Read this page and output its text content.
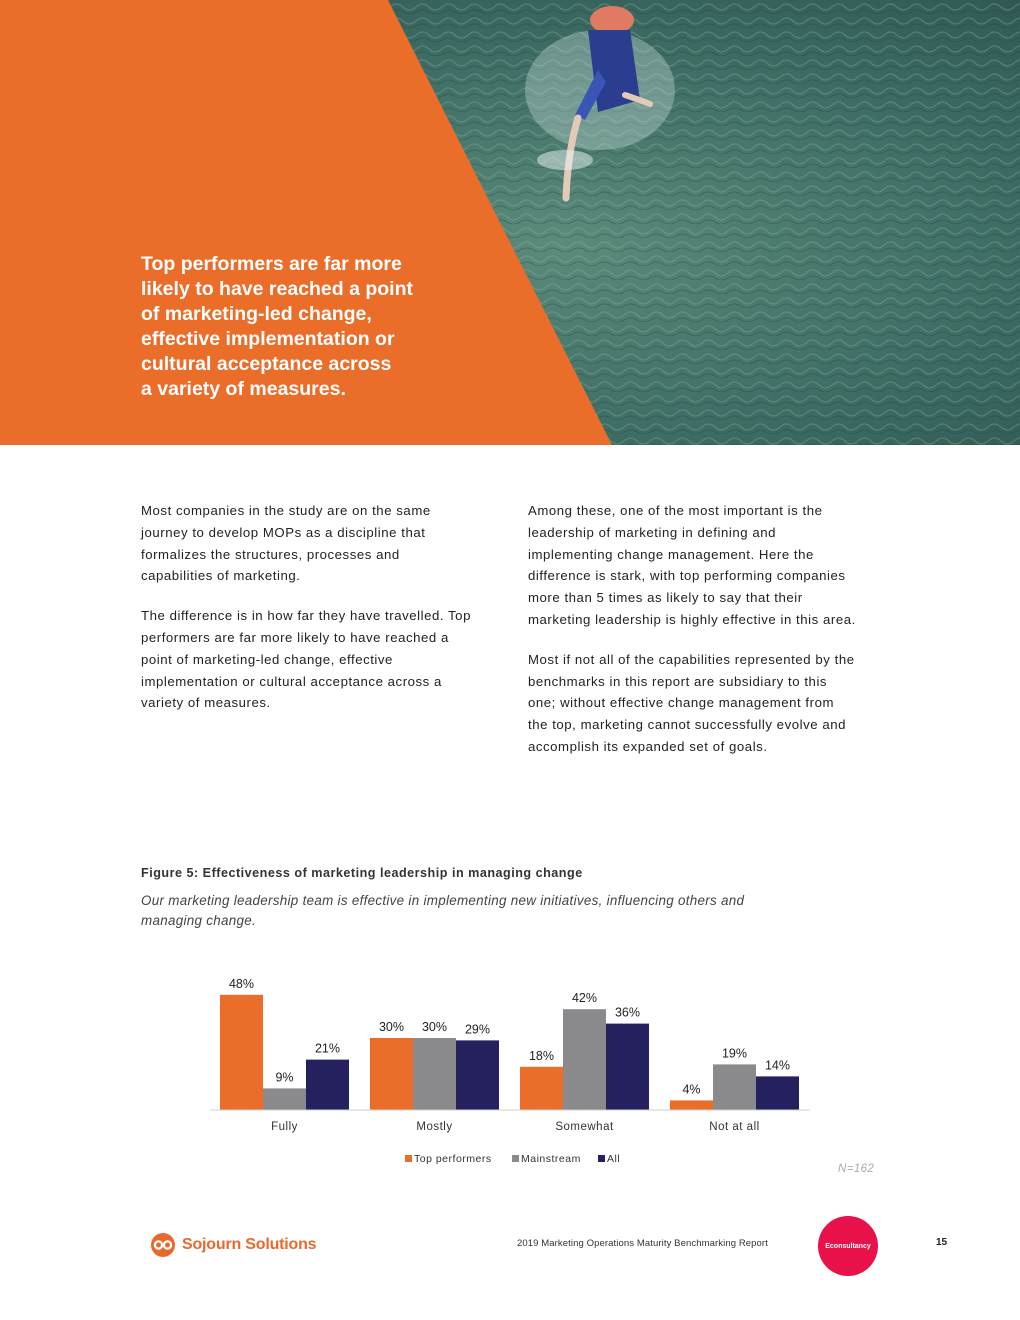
Top performers are far more
likely to have reached a point
of marketing-led change,
effective implementation or
cultural acceptance across
a variety of measures.

Most companies in the study are on the same journey to develop MOPs as a discipline that formalizes the structures, processes and capabilities of marketing.

The difference is in how far they have travelled. Top performers are far more likely to have reached a point of marketing-led change, effective implementation or cultural acceptance across a variety of measures.

Among these, one of the most important is the leadership of marketing in defining and implementing change management. Here the difference is stark, with top performing companies more than 5 times as likely to say that their marketing leadership is highly effective in this area.

Most if not all of the capabilities represented by the benchmarks in this report are subsidiary to this one; without effective change management from the top, marketing cannot successfully evolve and accomplish its expanded set of goals.

Figure 5: Effectiveness of marketing leadership in managing change

Our marketing leadership team is effective in implementing new initiatives, influencing others and managing change.

48%
9%
21%
30% 30% 29%
18%
42%
36%
4%
19%
14%
Fully	Mostly	Somewhat	Not at all
Top performers	Mainstream All
N=162
Sojourn Solutions	2019 Marketing Operations Maturity Benchmarking Report	Econsultancy	15
